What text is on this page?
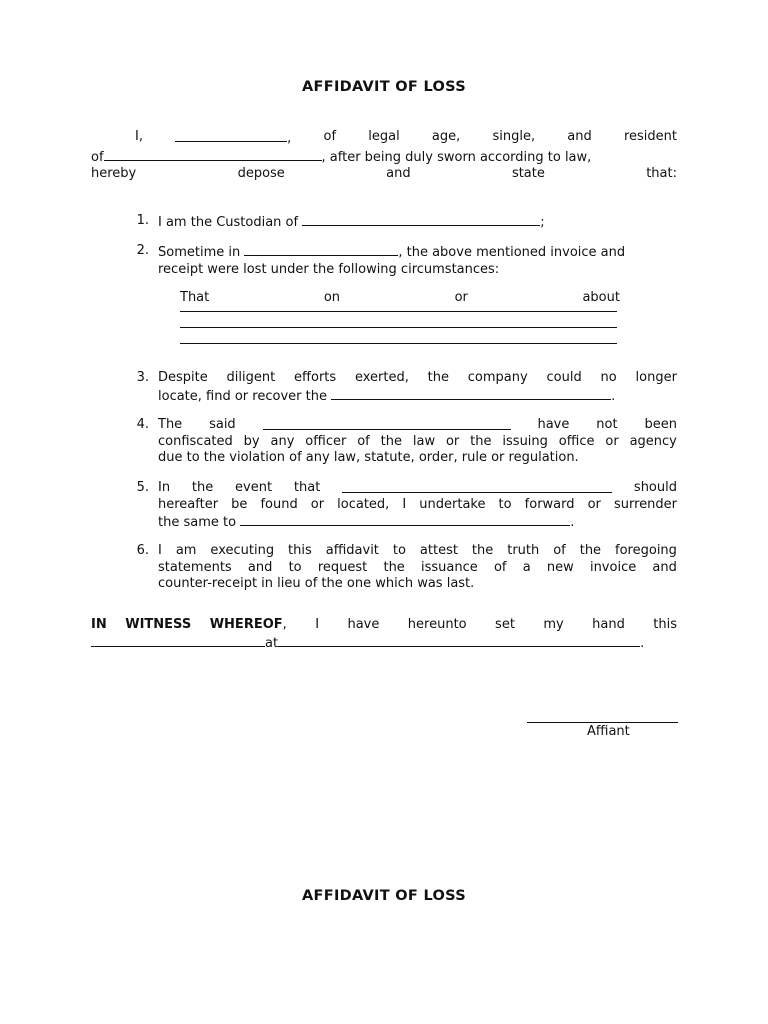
AFFIDAVIT OF LOSS
I,	, of legal age, single, and resident
of	, after being duly sworn according to law,
hereby depose and state that:
1. I am the Custodian of	;
2. Sometime in	, the above mentioned invoice and
receipt were lost under the following circumstances:
That	on	or	about
3. Despite diligent efforts exerted, the company could no longer
locate, find or recover the	.
4. The said	have not been
confiscated by any officer of the law or the issuing office or agency
due to the violation of any law, statute, order, rule or regulation.
5. In the event that	should
hereafter be found or located, I undertake to forward or surrender
the same to	.
6. I am executing this affidavit to attest the truth of the foregoing
statements and to request the issuance of a new invoice and
counter-receipt in lieu of the one which was last.
IN WITNESS WHEREOF, I have hereunto set my hand this
at	.
Affiant
AFFIDAVIT OF LOSS
